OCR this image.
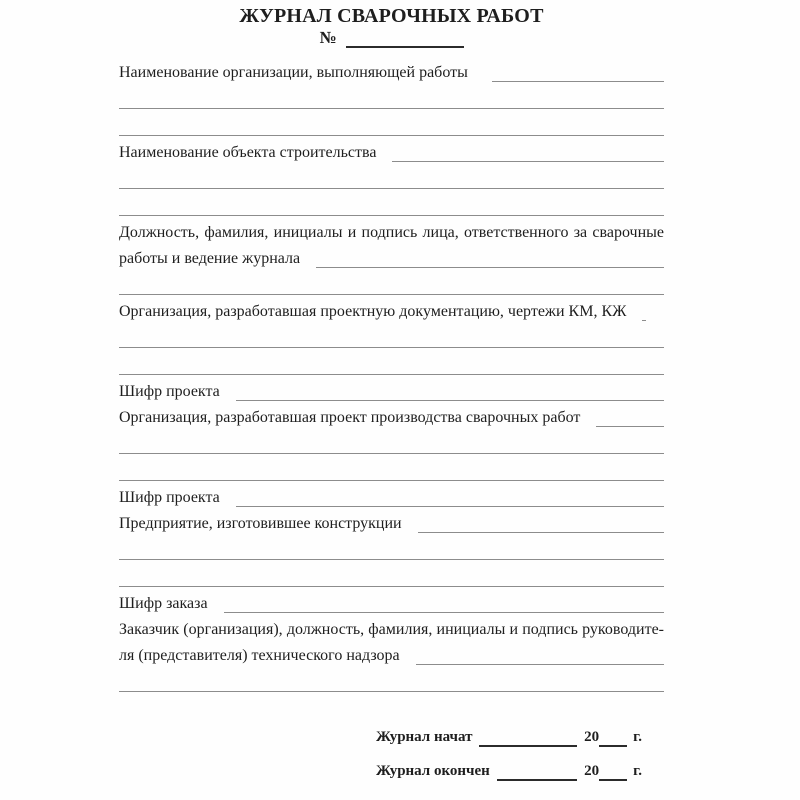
ЖУРНАЛ СВАРОЧНЫХ РАБОТ
№
Наименование организации, выполняющей работы
Наименование объекта строительства
Должность, фамилия, инициалы и подпись лица, ответственного за сварочные
работы и ведение журнала
Организация, разработавшая проектную документацию, чертежи КМ, КЖ
Шифр проекта
Организация, разработавшая проект производства сварочных работ
Шифр проекта
Предприятие, изготовившее конструкции
Шифр заказа
Заказчик (организация), должность, фамилия, инициалы и подпись руководите-
ля (представителя) технического надзора
Журнал начат	20 г.
Журнал окончен	20 г.
